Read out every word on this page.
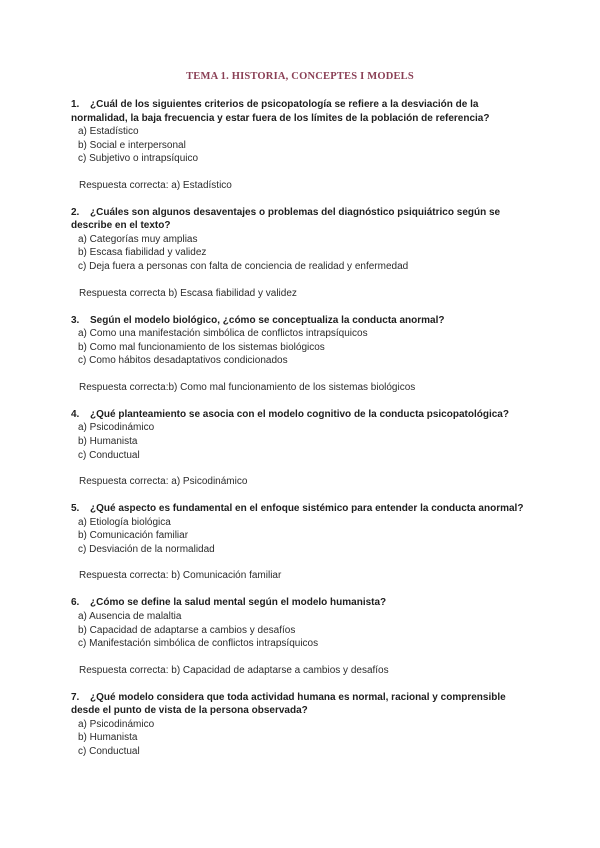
TEMA 1. HISTORIA, CONCEPTES I MODELS

1. ¿Cuál de los siguientes criterios de psicopatología se refiere a la desviación de la normalidad, la baja frecuencia y estar fuera de los límites de la población de referencia?

a) Estadístico
b) Social e interpersonal
c) Subjetivo o intrapsíquico

Respuesta correcta: a) Estadístico

2. ¿Cuáles son algunos desaventajes o problemas del diagnóstico psiquiátrico según se describe en el texto?

a) Categorías muy amplias
b) Escasa fiabilidad y validez
c) Deja fuera a personas con falta de conciencia de realidad y enfermedad

Respuesta correcta b) Escasa fiabilidad y validez

3. Según el modelo biológico, ¿cómo se conceptualiza la conducta anormal?

a) Como una manifestación simbólica de conflictos intrapsíquicos
b) Como mal funcionamiento de los sistemas biológicos
c) Como hábitos desadaptativos condicionados

Respuesta correcta:b) Como mal funcionamiento de los sistemas biológicos

4. ¿Qué planteamiento se asocia con el modelo cognitivo de la conducta psicopatológica?

a) Psicodinámico
b) Humanista
c) Conductual

Respuesta correcta: a) Psicodinámico

5. ¿Qué aspecto es fundamental en el enfoque sistémico para entender la conducta anormal?

a) Etiología biológica
b) Comunicación familiar
c) Desviación de la normalidad

Respuesta correcta: b) Comunicación familiar

6. ¿Cómo se define la salud mental según el modelo humanista?

a) Ausencia de malaltia
b) Capacidad de adaptarse a cambios y desafíos
c) Manifestación simbólica de conflictos intrapsíquicos

Respuesta correcta: b) Capacidad de adaptarse a cambios y desafíos

7. ¿Qué modelo considera que toda actividad humana es normal, racional y comprensible desde el punto de vista de la persona observada?

a) Psicodinámico
b) Humanista
c) Conductual
